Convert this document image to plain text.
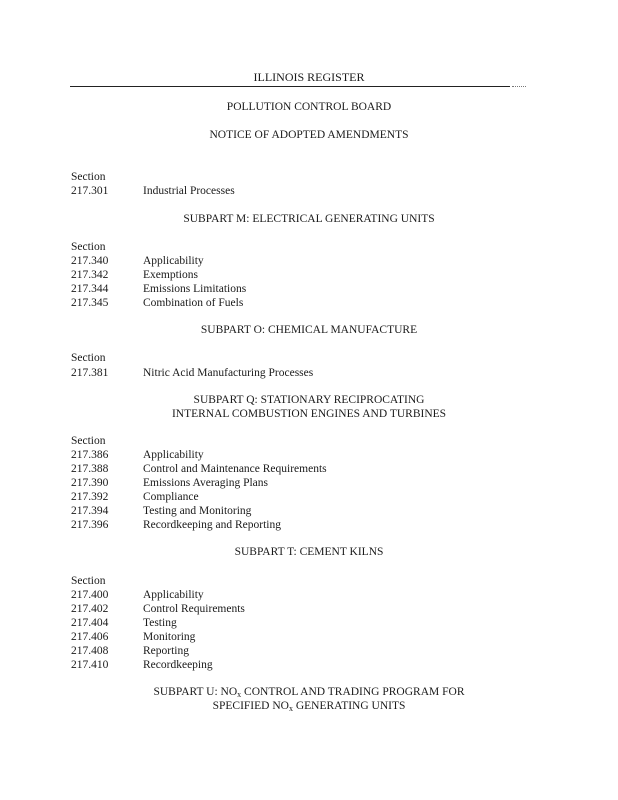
ILLINOIS REGISTER
POLLUTION CONTROL BOARD
NOTICE OF ADOPTED AMENDMENTS
Section
217.301	Industrial Processes
SUBPART M: ELECTRICAL GENERATING UNITS
Section
217.340	Applicability
217.342	Exemptions
217.344	Emissions Limitations
217.345	Combination of Fuels
SUBPART O: CHEMICAL MANUFACTURE
Section
217.381	Nitric Acid Manufacturing Processes
SUBPART Q: STATIONARY RECIPROCATING
INTERNAL COMBUSTION ENGINES AND TURBINES
Section
217.386	Applicability
217.388	Control and Maintenance Requirements
217.390	Emissions Averaging Plans
217.392	Compliance
217.394	Testing and Monitoring
217.396	Recordkeeping and Reporting
SUBPART T: CEMENT KILNS
Section
217.400	Applicability
217.402	Control Requirements
217.404	Testing
217.406	Monitoring
217.408	Reporting
217.410	Recordkeeping
SUBPART U: $NO_x$ CONTROL AND TRADING PROGRAM FOR
SPECIFIED $NO_x$ GENERATING UNITS
